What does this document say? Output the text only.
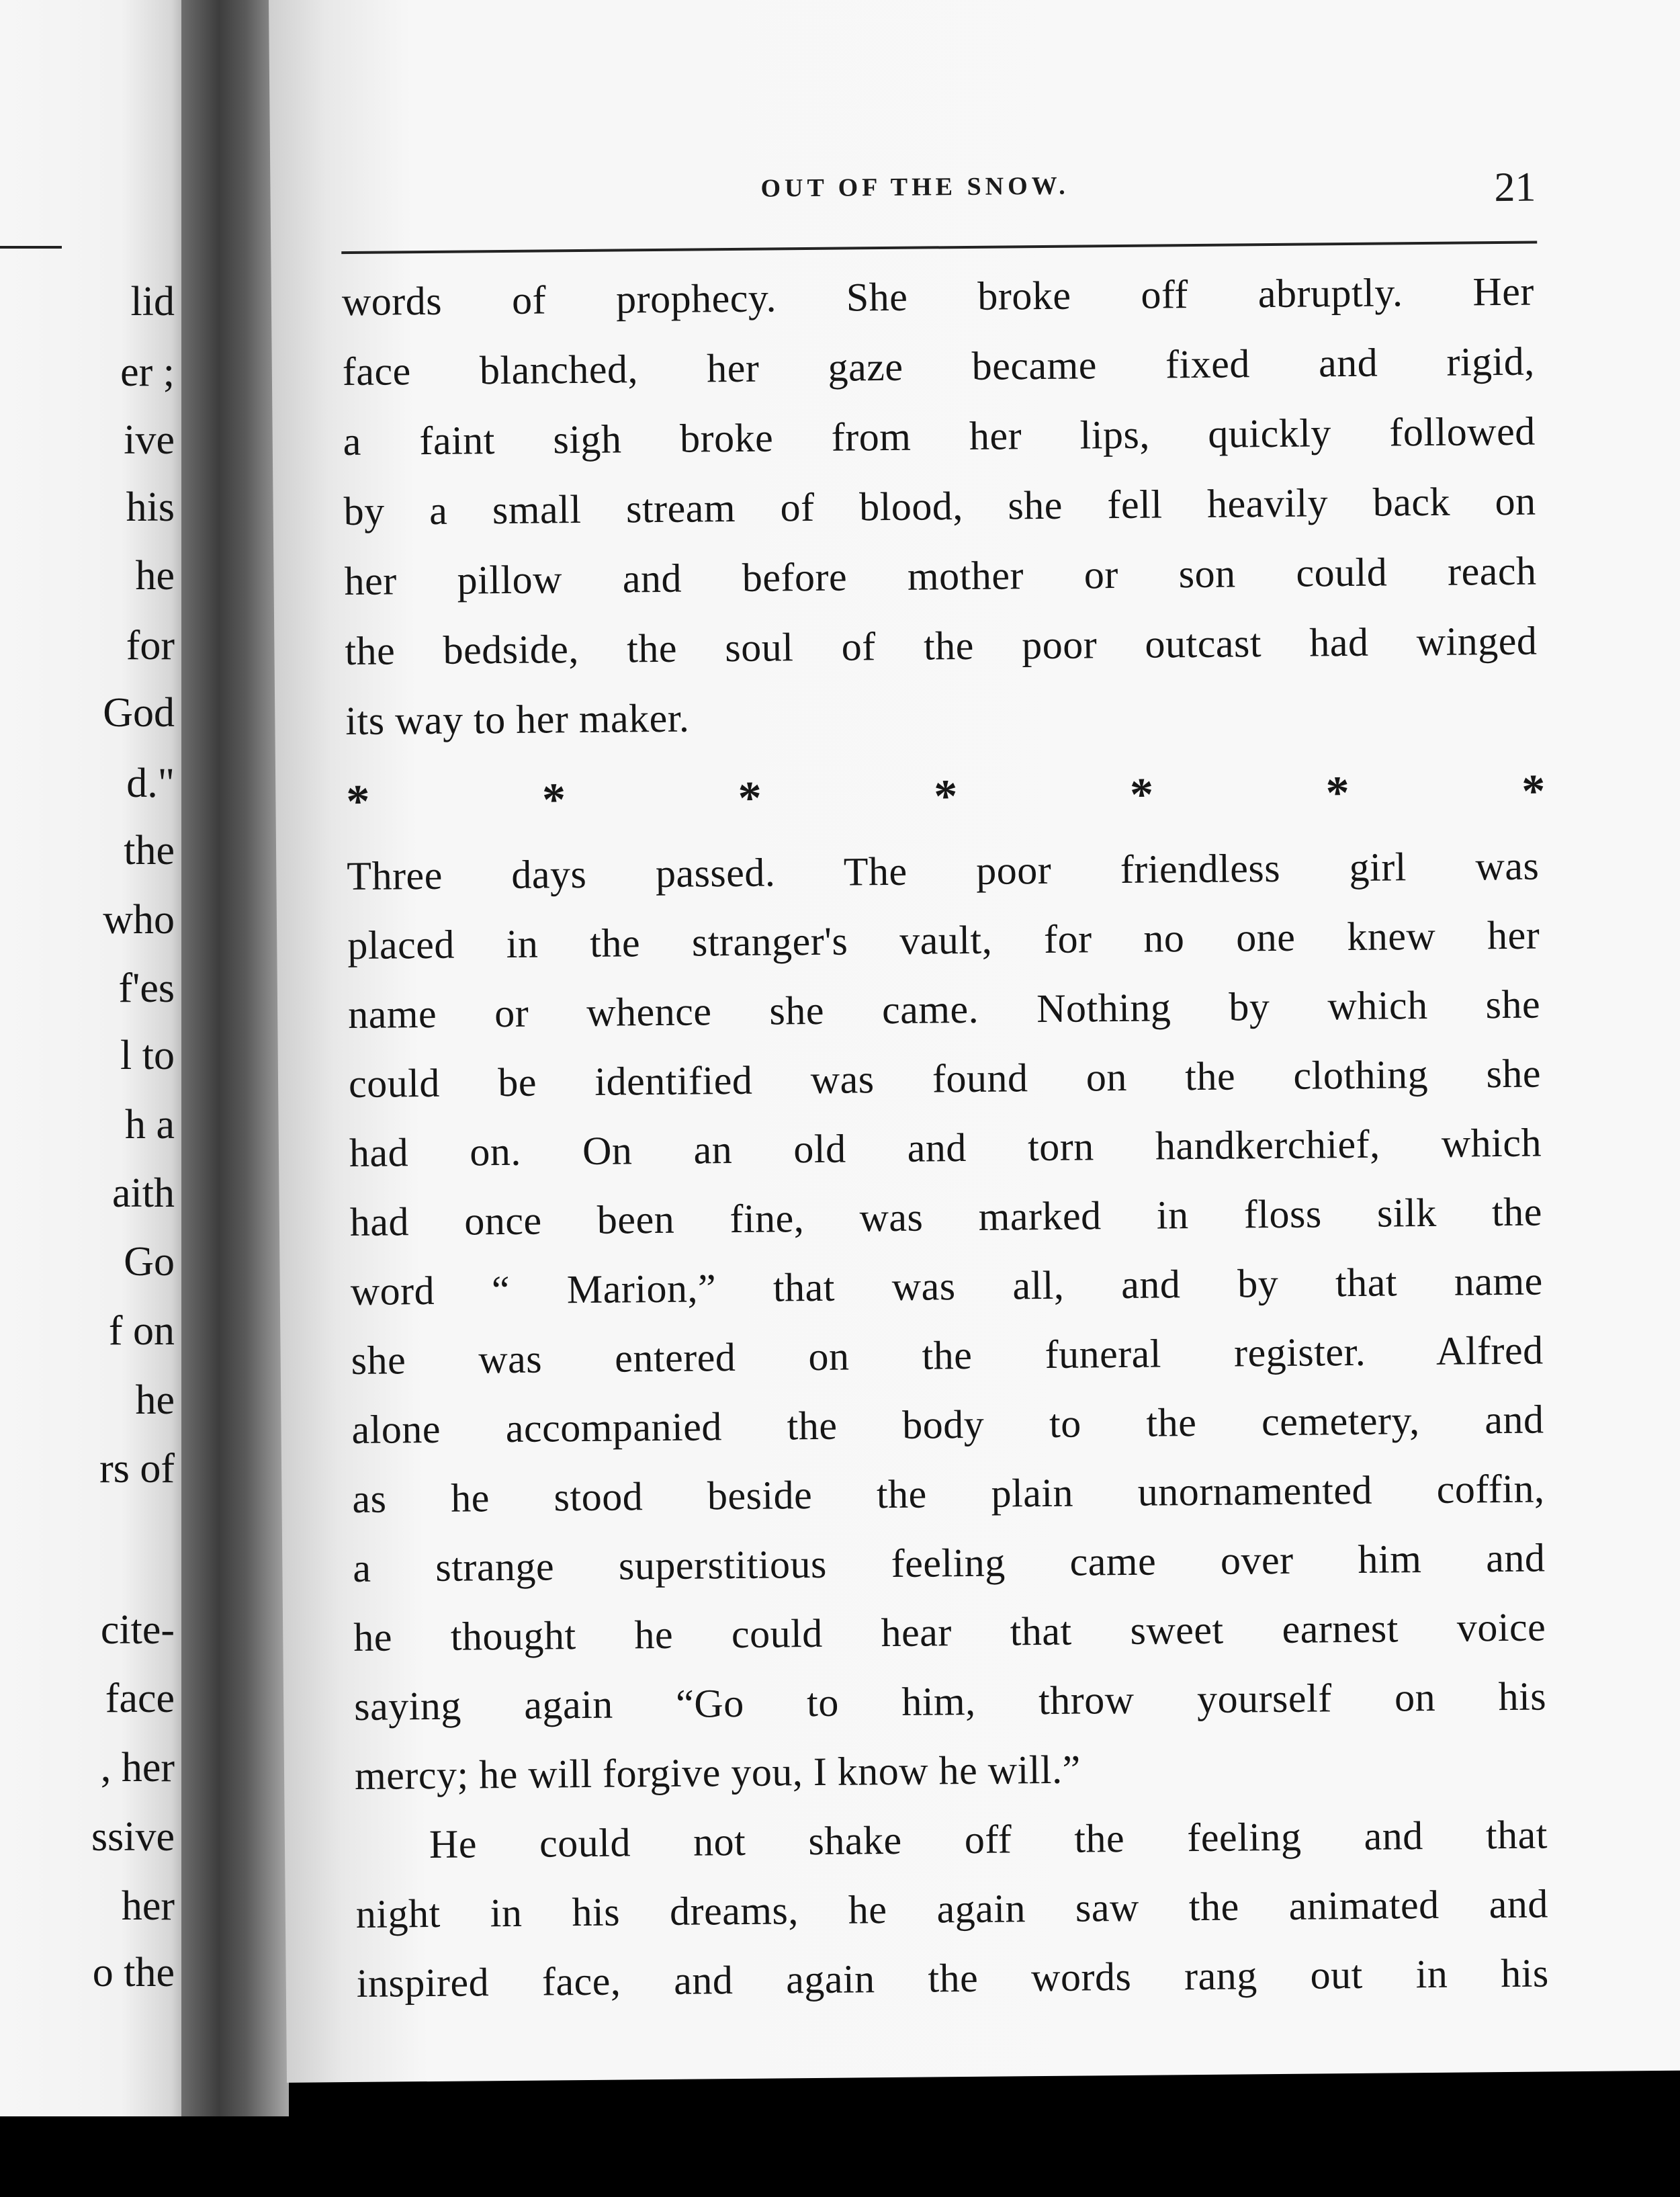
lid
er ;
ive
his
he
for
God
d."
the
who
f'es
l to
h a
aith
Go
f on
he
rs of
cite-
face
, her
ssive
her
o the
OUT OF THE SNOW.	21
words of prophecy. She broke off abruptly. Her
face blanched, her gaze became fixed and rigid,
a faint sigh broke from her lips, quickly followed
by a small stream of blood, she fell heavily back on
her pillow and before mother or son could reach
the bedside, the soul of the poor outcast had winged
its way to her maker.
*	*	*	*	*	*	*
Three days passed. The poor friendless girl was
placed in the stranger's vault, for no one knew her
name or whence she came. Nothing by which she
could be identified was found on the clothing she
had on. On an old and torn handkerchief, which
had once been fine, was marked in floss silk the
word “ Marion,” that was all, and by that name
she was entered on the funeral register. Alfred
alone accompanied the body to the cemetery, and
as he stood beside the plain unornamented coffin,
a strange superstitious feeling came over him and
he thought he could hear that sweet earnest voice
saying again “Go to him, throw yourself on his
mercy; he will forgive you, I know he will.”
He could not shake off the feeling and that
night in his dreams, he again saw the animated and
inspired face, and again the words rang out in his
